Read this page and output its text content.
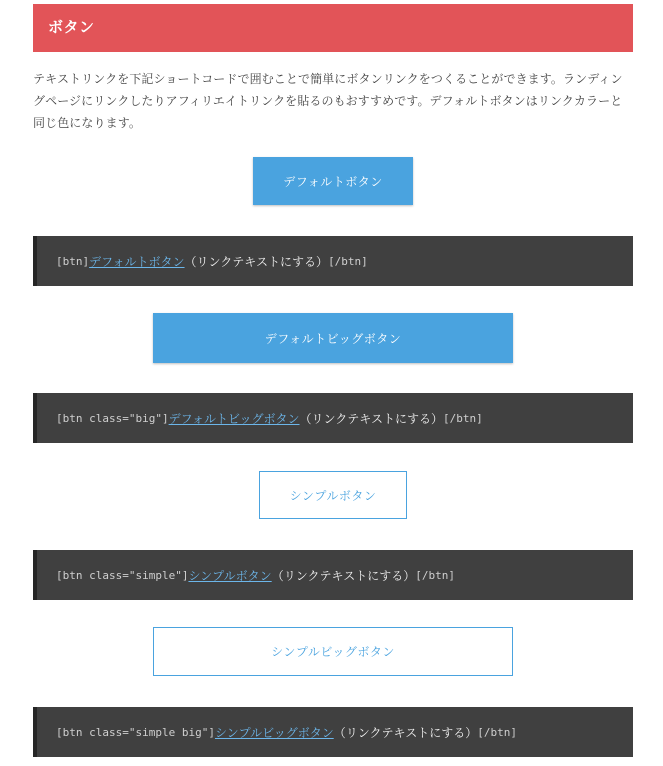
ボタン

テキストリンクを下記ショートコードで囲むことで簡単にボタンリンクをつくることができます。ランディングページにリンクしたりアフィリエイトリンクを貼るのもおすすめです。デフォルトボタンはリンクカラーと同じ色になります。

デフォルトボタン
[btn] デフォルトボタン （リンクテキストにする） [/btn]
デフォルトビッグボタン
[btn class="big"] デフォルトビッグボタン （リンクテキストにする） [/btn]
シンプルボタン
[btn class="simple"] シンプルボタン （リンクテキストにする） [/btn]
シンプルビッグボタン
[btn class="simple big"] シンプルビッグボタン （リンクテキストにする） [/btn]
